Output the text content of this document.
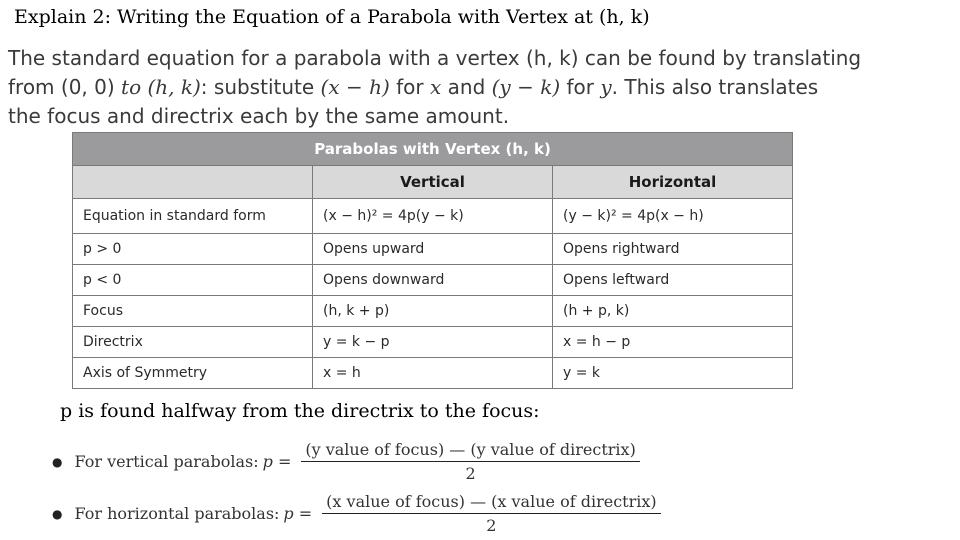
Explain 2: Writing the Equation of a Parabola with Vertex at (h, k)
The standard equation for a parabola with a vertex (h, k) can be found by translating
from (0, 0) to (h, k): substitute (x − h) for x and (y − k) for y. This also translates
the focus and directrix each by the same amount.
Parabolas with Vertex (h, k)		
	Vertical	Horizontal
Equation in standard form	(x − h)² = 4p(y − k)	(y − k)² = 4p(x − h)
p > 0	Opens upward	Opens rightward
p < 0	Opens downward	Opens leftward
Focus	(h, k + p)	(h + p, k)
Directrix	y = k − p	x = h − p
Axis of Symmetry	x = h	y = k
p is found halfway from the directrix to the focus:
● For vertical parabolas: $p = \frac{\text{(y value of focus) — (y value of directrix)}}{2}$
● For horizontal parabolas: $p = \frac{\text{(x value of focus) — (x value of directrix)}}{2}$
